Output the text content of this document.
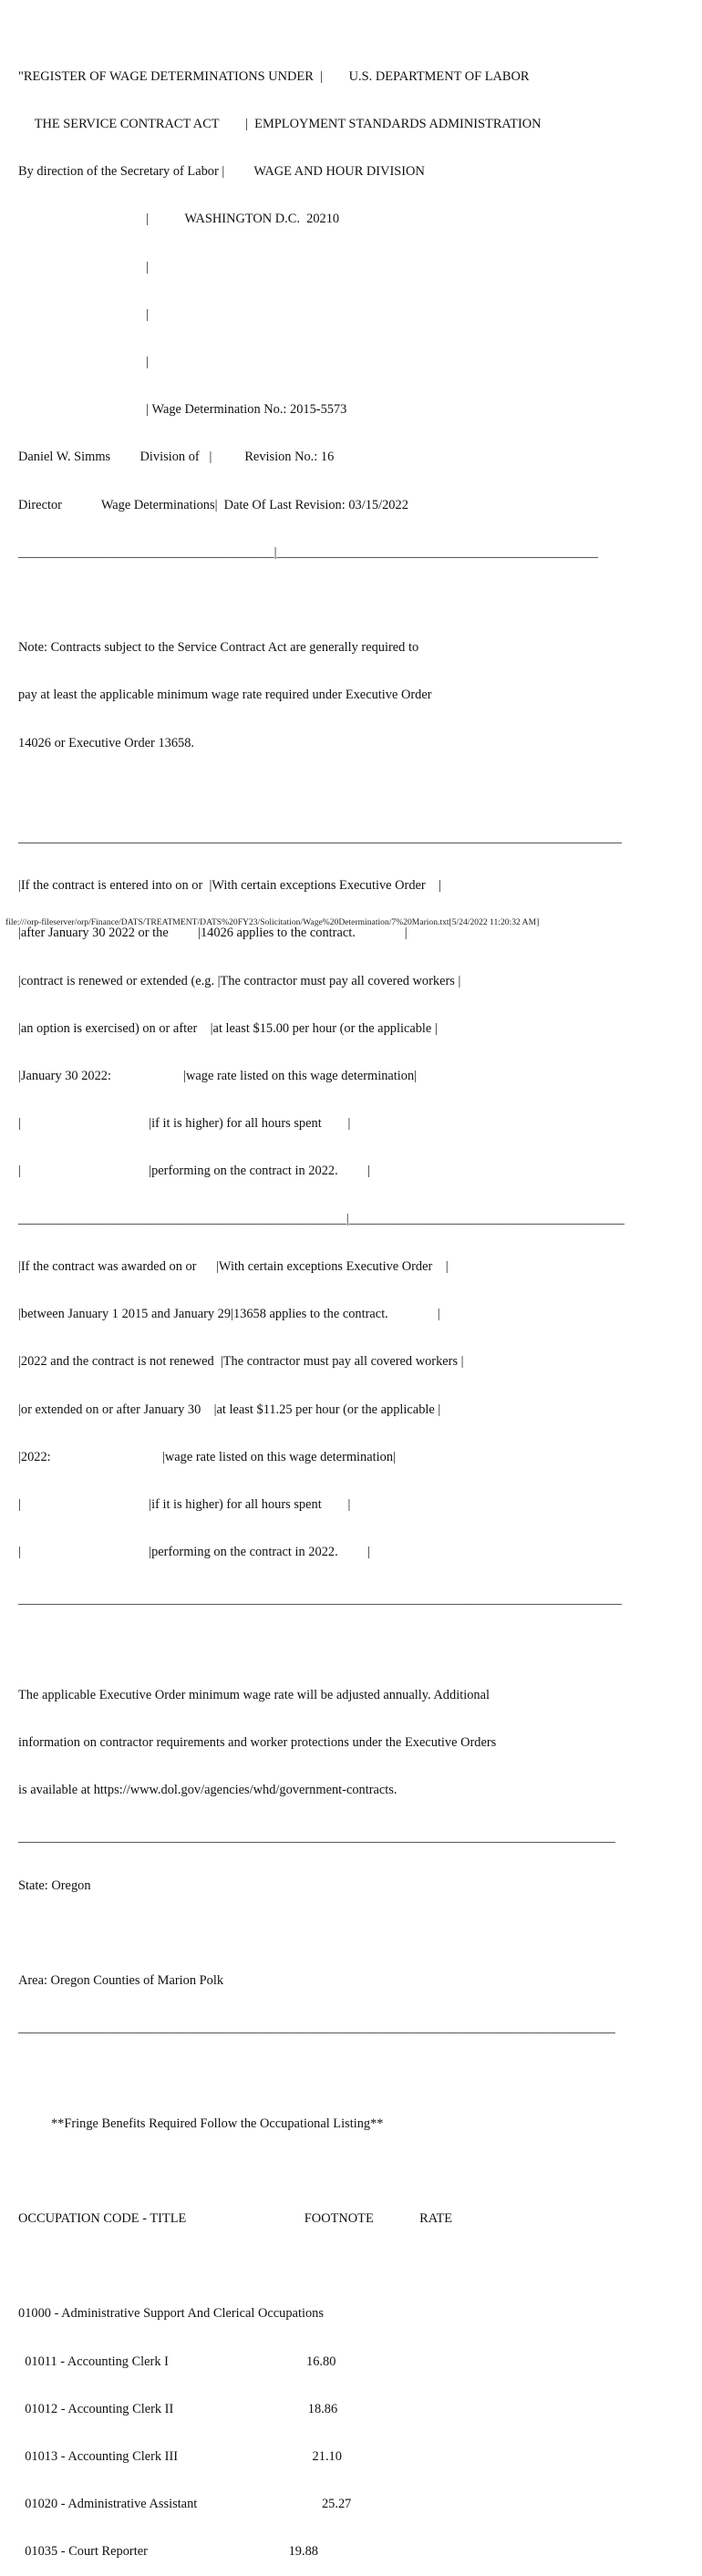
"REGISTER OF WAGE DETERMINATIONS UNDER  |        U.S. DEPARTMENT OF LABOR

THE SERVICE CONTRACT ACT        |  EMPLOYMENT STANDARDS ADMINISTRATION

By direction of the Secretary of Labor |         WAGE AND HOUR DIVISION

|           WASHINGTON D.C.  20210

|

|

|

| Wage Determination No.: 2015-5573

Daniel W. Simms         Division of   |          Revision No.: 16

Director            Wage Determinations|  Date Of Last Revision: 03/15/2022

_______________________________________|_________________________________________________

Note: Contracts subject to the Service Contract Act are generally required to

pay at least the applicable minimum wage rate required under Executive Order

14026 or Executive Order 13658.

____________________________________________________________________________________________

|If the contract is entered into on or  |With certain exceptions Executive Order    |

|after January 30 2022 or the         |14026 applies to the contract.               |

|contract is renewed or extended (e.g. |The contractor must pay all covered workers |

|an option is exercised) on or after    |at least $15.00 per hour (or the applicable |

|January 30 2022:                      |wage rate listed on this wage determination|

|                                       |if it is higher) for all hours spent        |

|                                       |performing on the contract in 2022.         |

__________________________________________________|__________________________________________

|If the contract was awarded on or      |With certain exceptions Executive Order    |

|between January 1 2015 and January 29|13658 applies to the contract.               |

|2022 and the contract is not renewed  |The contractor must pay all covered workers |

|or extended on or after January 30    |at least $11.25 per hour (or the applicable |

|2022:                                  |wage rate listed on this wage determination|

|                                       |if it is higher) for all hours spent        |

|                                       |performing on the contract in 2022.         |

____________________________________________________________________________________________

The applicable Executive Order minimum wage rate will be adjusted annually. Additional

information on contractor requirements and worker protections under the Executive Orders

is available at https://www.dol.gov/agencies/whd/government-contracts.

___________________________________________________________________________________________

State: Oregon

Area: Oregon Counties of Marion Polk

___________________________________________________________________________________________

**Fringe Benefits Required Follow the Occupational Listing**

OCCUPATION CODE - TITLE                                    FOOTNOTE              RATE

01000 - Administrative Support And Clerical Occupations

01011 - Accounting Clerk I                                          16.80

01012 - Accounting Clerk II                                         18.86

01013 - Accounting Clerk III                                         21.10

01020 - Administrative Assistant                                      25.27

01035 - Court Reporter                                           19.88

file:///orp-fileserver/orp/Finance/DATS/TREATMENT/DATS%20FY23/Solicitation/Wage%20Determination/7%20Marion.txt[5/24/2022 11:20:32 AM]
